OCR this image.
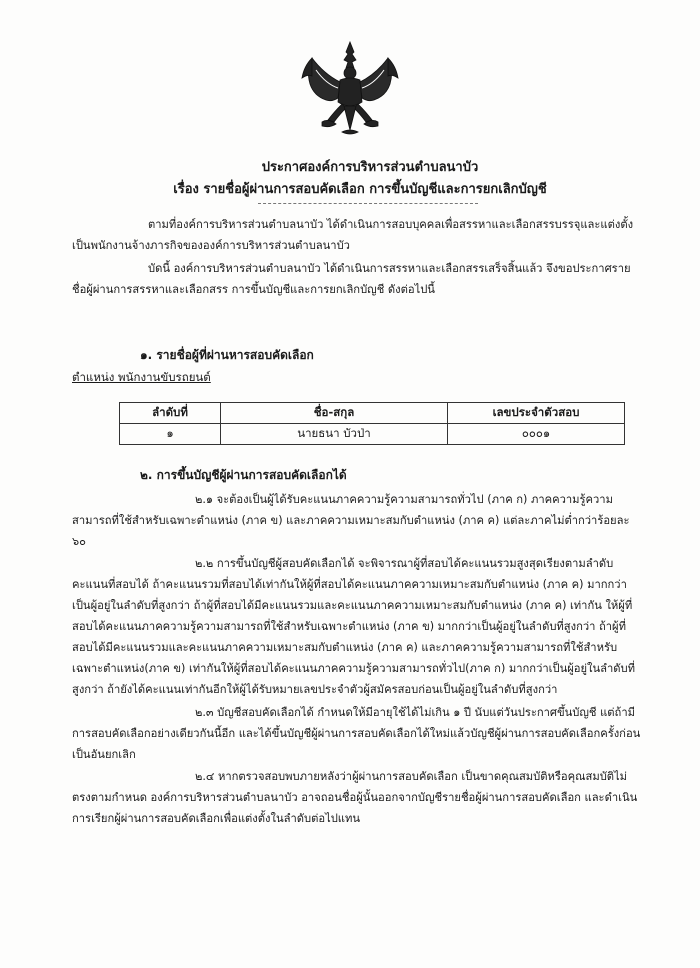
ประกาศองค์การบริหารส่วนตำบลนาบัว
เรื่อง รายชื่อผู้ผ่านการสอบคัดเลือก การขึ้นบัญชีและการยกเลิกบัญชี
ตามที่องค์การบริหารส่วนตำบลนาบัว ได้ดำเนินการสอบบุคคลเพื่อสรรหาและเลือกสรรบรรจุและแต่งตั้งเป็นพนักงานจ้างภารกิจขององค์การบริหารส่วนตำบลนาบัว
บัดนี้ องค์การบริหารส่วนตำบลนาบัว ได้ดำเนินการสรรหาและเลือกสรรเสร็จสิ้นแล้ว จึงขอประกาศรายชื่อผู้ผ่านการสรรหาและเลือกสรร การขึ้นบัญชีและการยกเลิกบัญชี ดังต่อไปนี้
๑. รายชื่อผู้ที่ผ่านหารสอบคัดเลือก
ตำแหน่ง พนักงานขับรถยนต์
ลำดับที่	ชื่อ-สกุล	เลขประจำตัวสอบ
๑	นายธนา บัวป่า	๐๐๐๑
๒. การขึ้นบัญชีผู้ผ่านการสอบคัดเลือกได้
๒.๑ จะต้องเป็นผู้ได้รับคะแนนภาคความรู้ความสามารถทั่วไป (ภาค ก) ภาคความรู้ความสามารถที่ใช้สำหรับเฉพาะตำแหน่ง (ภาค ข) และภาคความเหมาะสมกับตำแหน่ง (ภาค ค) แต่ละภาคไม่ต่ำกว่าร้อยละ ๖๐
๒.๒ การขึ้นบัญชีผู้สอบคัดเลือกได้ จะพิจารณาผู้ที่สอบได้คะแนนรวมสูงสุดเรียงตามลำดับคะแนนที่สอบได้ ถ้าคะแนนรวมที่สอบได้เท่ากันให้ผู้ที่สอบได้คะแนนภาคความเหมาะสมกับตำแหน่ง (ภาค ค) มากกว่าเป็นผู้อยู่ในลำดับที่สูงกว่า ถ้าผู้ที่สอบได้มีคะแนนรวมและคะแนนภาคความเหมาะสมกับตำแหน่ง (ภาค ค) เท่ากัน ให้ผู้ที่สอบได้คะแนนภาคความรู้ความสามารถที่ใช้สำหรับเฉพาะตำแหน่ง (ภาค ข) มากกว่าเป็นผู้อยู่ในลำดับที่สูงกว่า ถ้าผู้ที่สอบได้มีคะแนนรวมและคะแนนภาคความเหมาะสมกับตำแหน่ง (ภาค ค) และภาคความรู้ความสามารถที่ใช้สำหรับเฉพาะตำแหน่ง(ภาค ข) เท่ากันให้ผู้ที่สอบได้คะแนนภาคความรู้ความสามารถทั่วไป(ภาค ก) มากกว่าเป็นผู้อยู่ในลำดับที่สูงกว่า ถ้ายังได้คะแนนเท่ากันอีกให้ผู้ได้รับหมายเลขประจำตัวผู้สมัครสอบก่อนเป็นผู้อยู่ในลำดับที่สูงกว่า
๒.๓ บัญชีสอบคัดเลือกได้ กำหนดให้มีอายุใช้ได้ไม่เกิน ๑ ปี นับแต่วันประกาศขึ้นบัญชี แต่ถ้ามีการสอบคัดเลือกอย่างเดียวกันนี้อีก และได้ขึ้นบัญชีผู้ผ่านการสอบคัดเลือกได้ใหม่แล้วบัญชีผู้ผ่านการสอบคัดเลือกครั้งก่อนเป็นอันยกเลิก
๒.๔ หากตรวจสอบพบภายหลังว่าผู้ผ่านการสอบคัดเลือก เป็นขาดคุณสมบัติหรือคุณสมบัติไม่ตรงตามกำหนด องค์การบริหารส่วนตำบลนาบัว อาจถอนชื่อผู้นั้นออกจากบัญชีรายชื่อผู้ผ่านการสอบคัดเลือก และดำเนินการเรียกผู้ผ่านการสอบคัดเลือกเพื่อแต่งตั้งในลำดับต่อไปแทน
